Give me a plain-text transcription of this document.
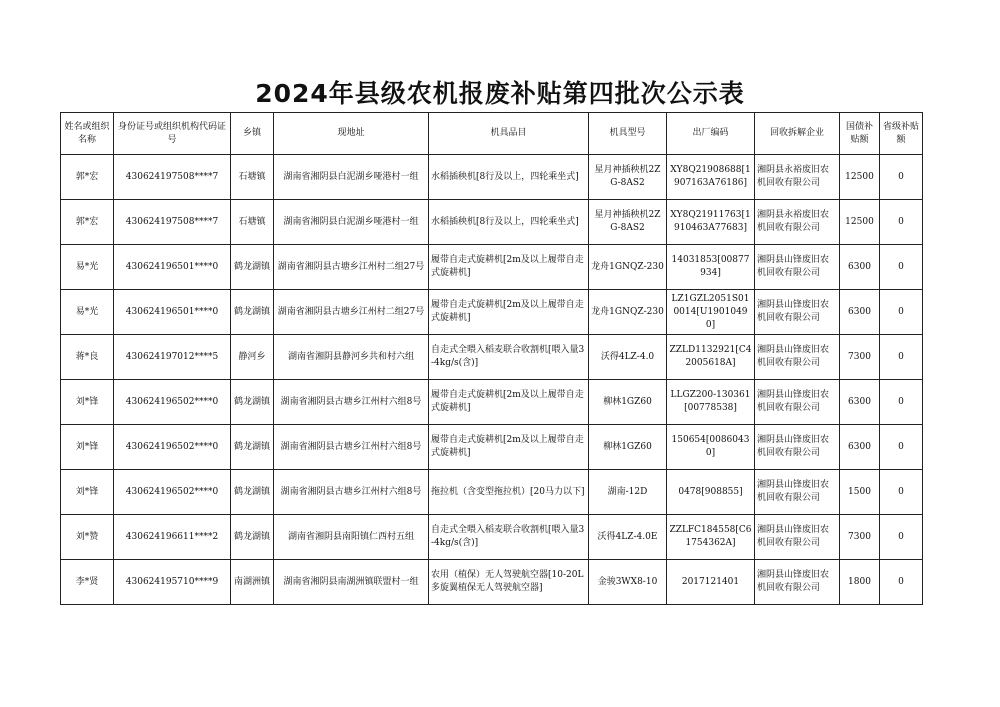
2024年县级农机报废补贴第四批次公示表
姓名或组织名称	身份证号或组织机构代码证号	乡镇	现地址	机具品目	机具型号	出厂编码	回收拆解企业	国债补贴额	省级补贴额
郭*宏	430624197508****7	石塘镇	湖南省湘阴县白泥湖乡哑港村一组	水稻插秧机[8行及以上，四轮乘坐式]	星月神插秧机2ZG-8AS2	XY8Q21908688[1907163A76186]	湘阴县永裕废旧农机回收有限公司	12500	0
郭*宏	430624197508****7	石塘镇	湖南省湘阴县白泥湖乡哑港村一组	水稻插秧机[8行及以上，四轮乘坐式]	星月神插秧机2ZG-8AS2	XY8Q21911763[1910463A77683]	湘阴县永裕废旧农机回收有限公司	12500	0
易*光	430624196501****0	鹤龙湖镇	湖南省湘阴县古塘乡江州村二组27号	履带自走式旋耕机[2m及以上履带自走式旋耕机]	龙舟1GNQZ-230	14031853[00877934]	湘阴县山锋废旧农机回收有限公司	6300	0
易*光	430624196501****0	鹤龙湖镇	湖南省湘阴县古塘乡江州村二组27号	履带自走式旋耕机[2m及以上履带自走式旋耕机]	龙舟1GNQZ-230	LZ1GZL2051S010014[U19010490]	湘阴县山锋废旧农机回收有限公司	6300	0
蒋*良	430624197012****5	静河乡	湖南省湘阴县静河乡共和村六组	自走式全喂入稻麦联合收割机[喂入量3-4kg/s(含)]	沃得4LZ-4.0	ZZLD1132921[C42005618A]	湘阴县山锋废旧农机回收有限公司	7300	0
刘*锋	430624196502****0	鹤龙湖镇	湖南省湘阴县古塘乡江州村六组8号	履带自走式旋耕机[2m及以上履带自走式旋耕机]	柳林1GZ60	LLGZ200-130361[00778538]	湘阴县山锋废旧农机回收有限公司	6300	0
刘*锋	430624196502****0	鹤龙湖镇	湖南省湘阴县古塘乡江州村六组8号	履带自走式旋耕机[2m及以上履带自走式旋耕机]	柳林1GZ60	150654[00860430]	湘阴县山锋废旧农机回收有限公司	6300	0
刘*锋	430624196502****0	鹤龙湖镇	湖南省湘阴县古塘乡江州村六组8号	拖拉机（含变型拖拉机）[20马力以下]	湖南-12D	0478[908855]	湘阴县山锋废旧农机回收有限公司	1500	0
刘*赞	430624196611****2	鹤龙湖镇	湖南省湘阴县南阳镇仁西村五组	自走式全喂入稻麦联合收割机[喂入量3-4kg/s(含)]	沃得4LZ-4.0E	ZZLFC184558[C61754362A]	湘阴县山锋废旧农机回收有限公司	7300	0
李*贤	430624195710****9	南湖洲镇	湖南省湘阴县南湖洲镇联盟村一组	农用（植保）无人驾驶航空器[10-20L多旋翼植保无人驾驶航空器]	金骏3WX8-10	2017121401	湘阴县山锋废旧农机回收有限公司	1800	0
